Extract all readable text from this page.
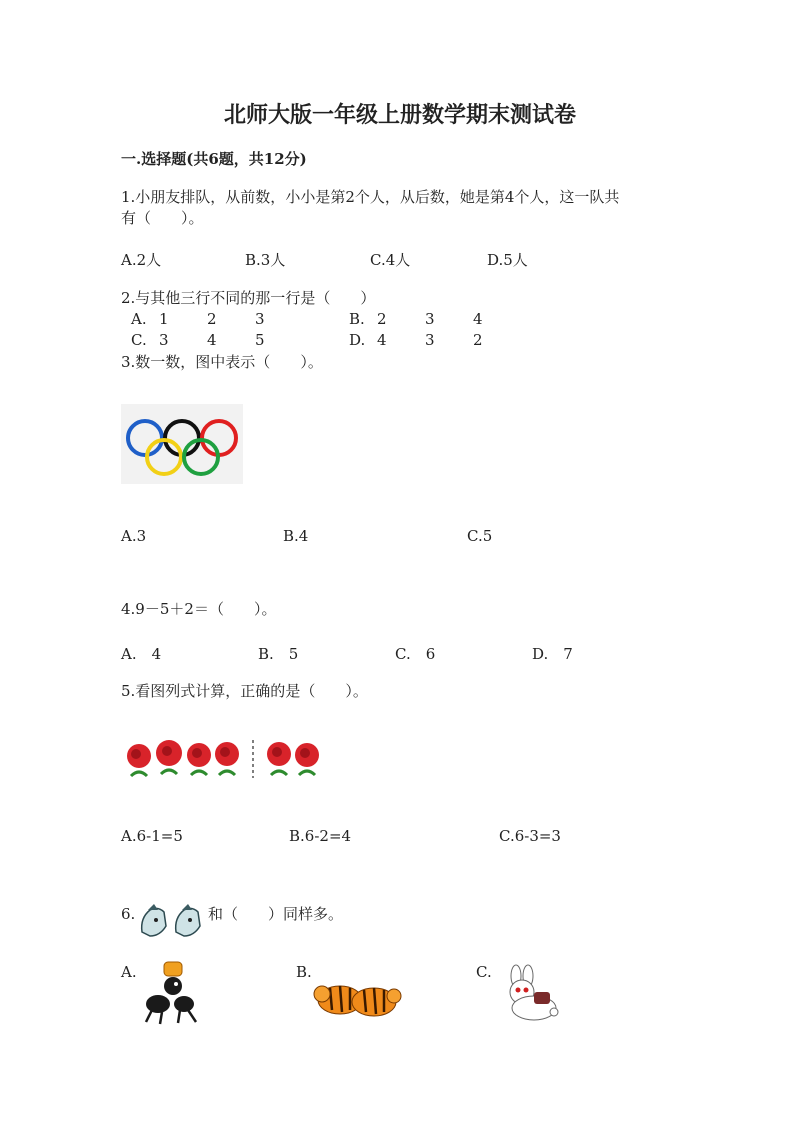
北师大版一年级上册数学期末测试卷
一.选择题(共6题，共12分)
1.小朋友排队，从前数，小小是第2个人，从后数，她是第4个人，这一队共
有（　　）。
A.2人	B.3人	C.4人	D.5人
2.与其他三行不同的那一行是（　　）
A. 1	2	3	B. 2	3	4
C. 3	4	5	D. 4	3	2
3.数一数，图中表示（　　）。
A.3	B.4	C.5
4.9－5＋2＝（　　）。
A.　4	B.　5	C.　6	D.　7
5.看图列式计算，正确的是（　　）。
A.6-1=5	B.6-2=4	C.6-3=3
6.	和（　　）同样多。
A.	B.	C.
